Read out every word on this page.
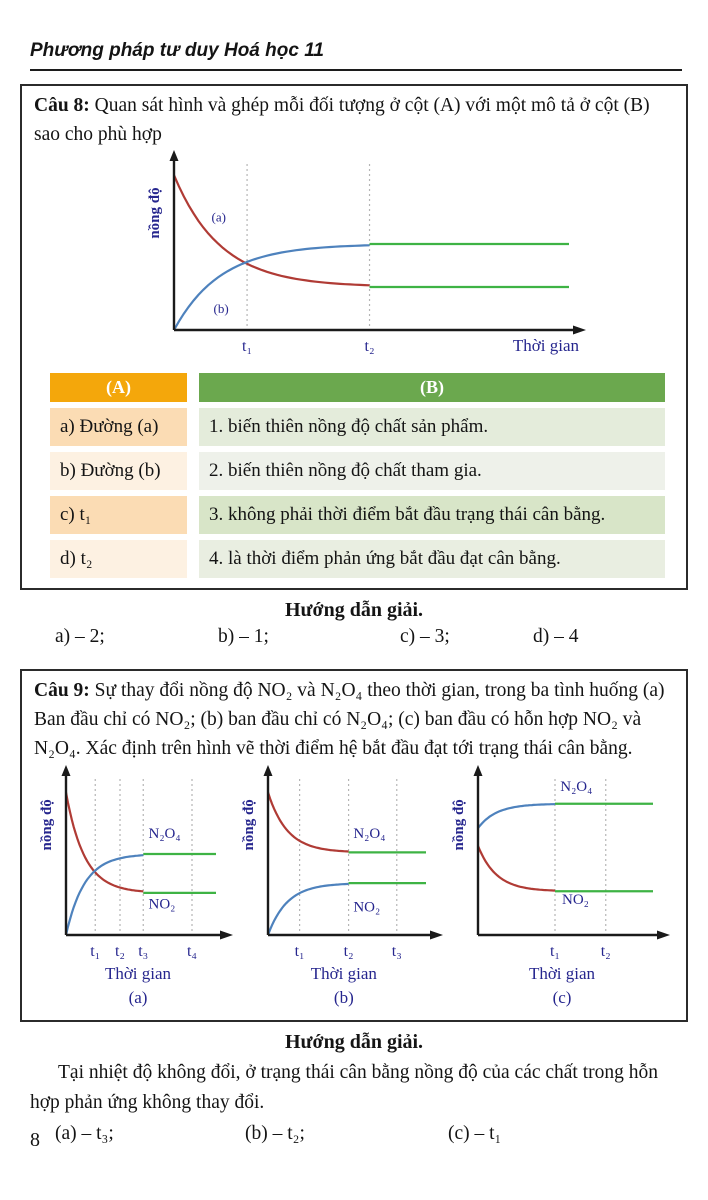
Phương pháp tư duy Hoá học 11

Câu 8: Quan sát hình và ghép mỗi đối tượng ở cột (A) với một mô tả ở cột (B) sao cho phù hợp

(a)
(b)
t₁	t₂	Thời gian
nồng độ
(A)	(B)
a) Đường (a)	1. biến thiên nồng độ chất sản phẩm.
b) Đường (b)	2. biến thiên nồng độ chất tham gia.
c) t₁	3. không phải thời điểm bắt đầu trạng thái cân bằng.
d) t₂	4. là thời điểm phản ứng bắt đầu đạt cân bằng.
Hướng dẫn giải.
a) – 2;	b) – 1;	c) – 3;	d) – 4

Câu 9: Sự thay đổi nồng độ NO₂ và N₂O₄ theo thời gian, trong ba tình huống (a) Ban đầu chỉ có NO₂; (b) ban đầu chỉ có N₂O₄; (c) ban đầu có hỗn hợp NO₂ và N₂O₄. Xác định trên hình vẽ thời điểm hệ bắt đầu đạt tới trạng thái cân bằng.

N₂O₄
NO₂
t₁ t₂ t₃ t₄
Thời gian
(a)
nồng độ	N₂O₄
NO₂
t₁ t₂ t₃
Thời gian
(b)
nồng độ
N₂O₄
NO₂
t₁	t₂
Thời gian
(c)
nồng độ
Hướng dẫn giải.

Tại nhiệt độ không đổi, ở trạng thái cân bằng nồng độ của các chất trong hỗn hợp phản ứng không thay đổi.

(a) – t₃;	(b) – t₂;	(c) – t₁
8
